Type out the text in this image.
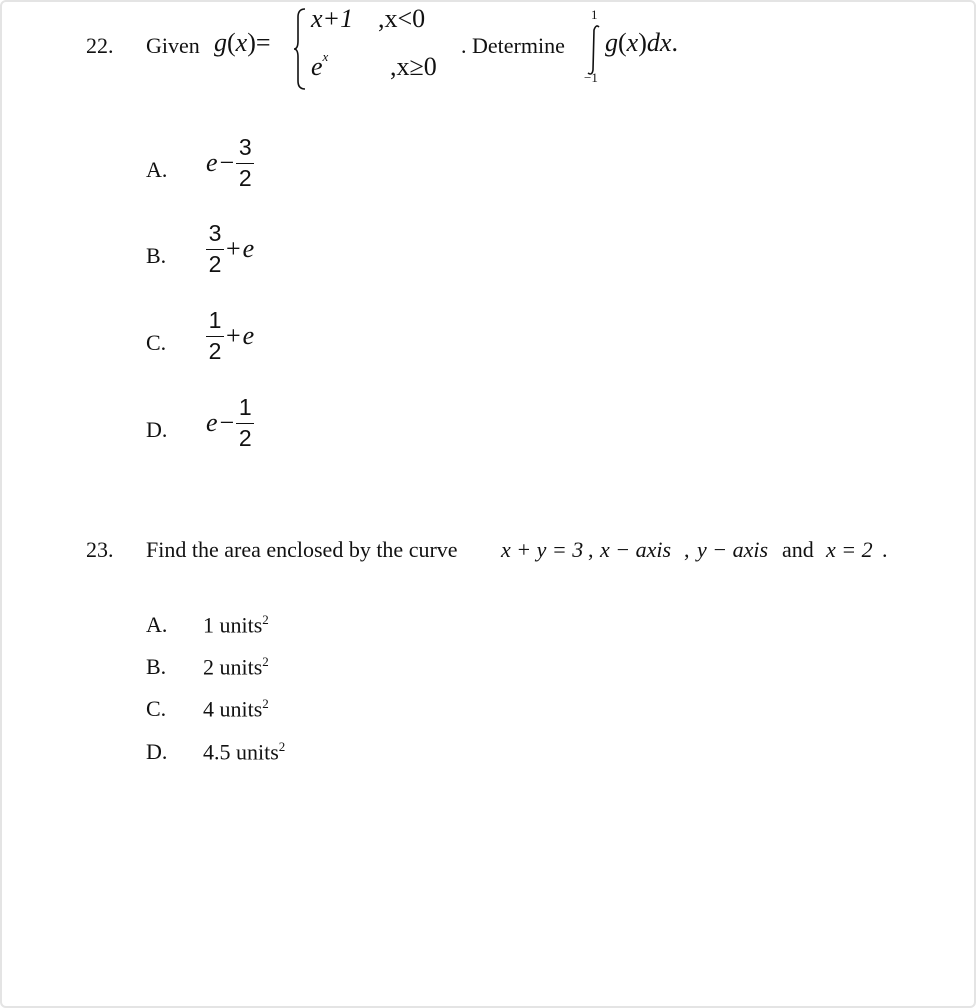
22. Given g(x)=
x+1 ,x<0
$e^x$ ,x≥0
. Determine
1
−1
g(x)dx.
A. $e - \frac{3}{2}$
B. $\frac{3}{2} + e$
C. $\frac{1}{2} + e$
D. $e - \frac{1}{2}$
23. Find the area enclosed by the curve x + y = 3 , x − axis , y − axis and x = 2 .
A. 1 units$^2$
B. 2 units$^2$
C. 4 units$^2$
D. 4.5 units$^2$
